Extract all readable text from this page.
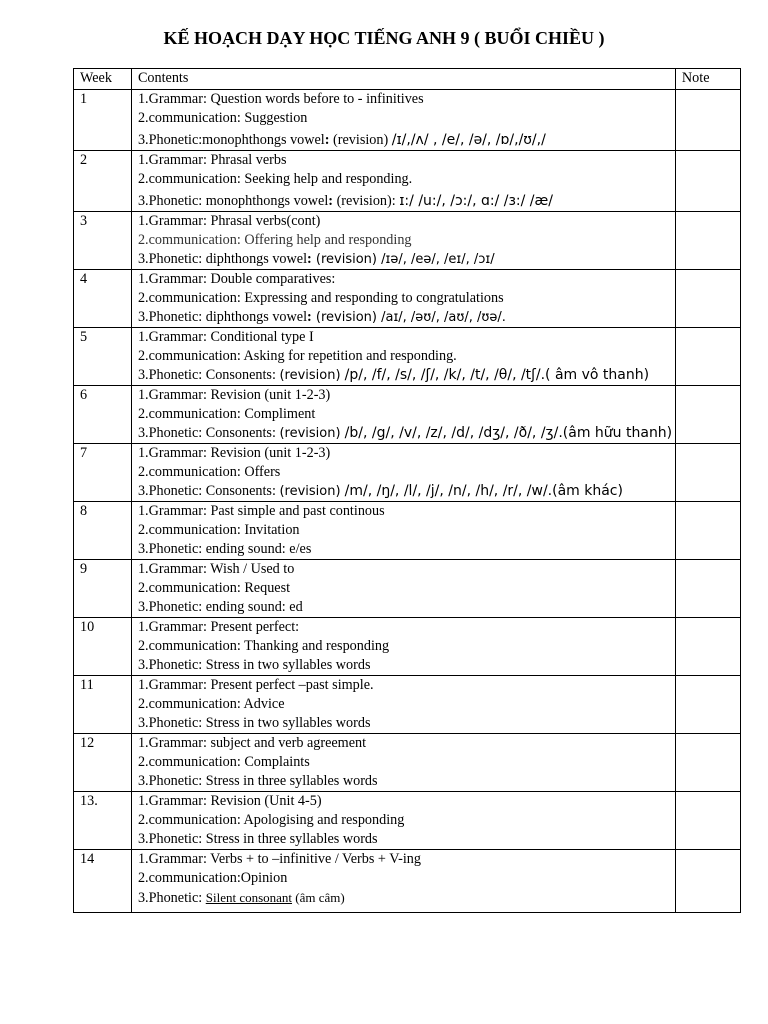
KẾ HOẠCH DẠY HỌC TIẾNG ANH 9 ( BUỔI CHIỀU )
Week	Contents	Note
1	1.Grammar: Question words before to - infinitives
2.communication: Suggestion
3.Phonetic:monophthongs vowel: (revision) /ɪ/,/ʌ/ , /e/, /ə/, /ɒ/,/ʊ/,/	

2	1.Grammar: Phrasal verbs
2.communication: Seeking help and responding.
3.Phonetic: monophthongs vowel: (revision): ɪ:/ /u:/, /ɔ:/, ɑ:/ /ɜ:/ /æ/	

3	1.Grammar: Phrasal verbs(cont)
2.communication: Offering help and responding
3.Phonetic: diphthongs vowel: (revision) /ɪə/, /eə/, /eɪ/, /ɔɪ/	

4	1.Grammar: Double comparatives:
2.communication: Expressing and responding to congratulations
3.Phonetic: diphthongs vowel: (revision) /aɪ/, /əʊ/, /aʊ/, /ʊə/.	

5	1.Grammar: Conditional type I
2.communication: Asking for repetition and responding.
3.Phonetic: Consonents: (revision) /p/, /f/, /s/, /ʃ/, /k/, /t/, /θ/, /tʃ/.( âm vô thanh)	

6	1.Grammar: Revision (unit 1-2-3)
2.communication: Compliment
3.Phonetic: Consonents: (revision) /b/, /g/, /v/, /z/, /d/, /dʒ/, /ð/, /ʒ/.(âm hữu thanh)	

7	1.Grammar: Revision (unit 1-2-3)
2.communication: Offers
3.Phonetic: Consonents: (revision) /m/, /ŋ/, /l/, /j/, /n/, /h/, /r/, /w/.(âm khác)	

8	1.Grammar: Past simple and past continous
2.communication: Invitation
3.Phonetic: ending sound: e/es	

9	1.Grammar: Wish / Used to
2.communication: Request
3.Phonetic: ending sound: ed	

10	1.Grammar: Present perfect:
2.communication: Thanking and responding
3.Phonetic: Stress in two syllables words	

11	1.Grammar: Present perfect –past simple.
2.communication: Advice
3.Phonetic: Stress in two syllables words	

12	1.Grammar: subject and verb agreement
2.communication: Complaints
3.Phonetic: Stress in three syllables words	

13.	1.Grammar: Revision (Unit 4-5)
2.communication: Apologising and responding
3.Phonetic: Stress in three syllables words	

14	1.Grammar: Verbs + to –infinitive / Verbs + V-ing
2.communication:Opinion
3.Phonetic: Silent consonant (âm câm)	
